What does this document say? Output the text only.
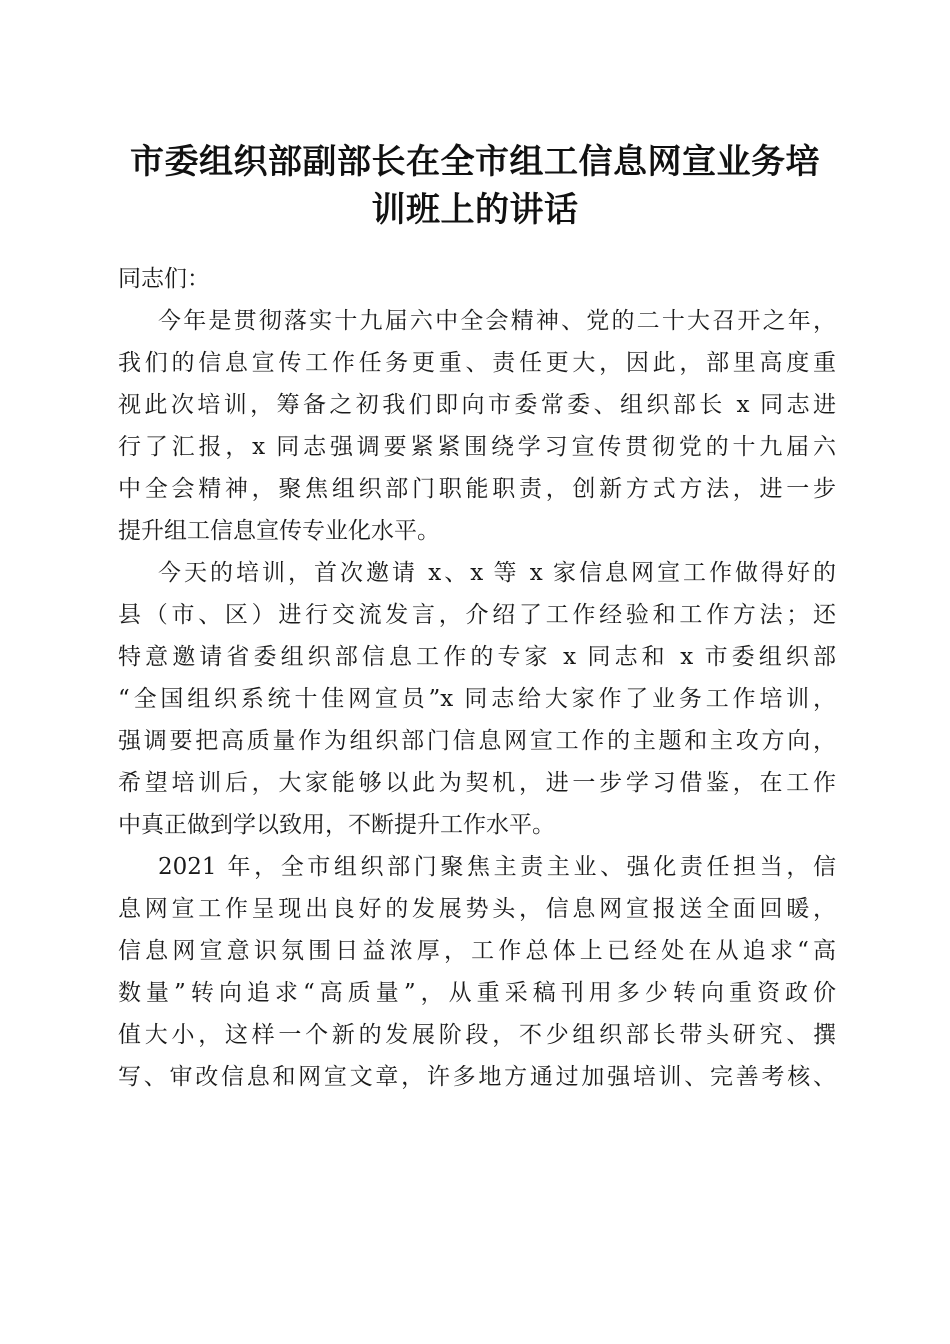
市委组织部副部长在全市组工信息网宣业务培
训班上的讲话
同志们：
今年是贯彻落实十九届六中全会精神、党的二十大召开之年，
我们的信息宣传工作任务更重、责任更大，因此，部里高度重
视此次培训，筹备之初我们即向市委常委、组织部长 x 同志进
行了汇报，x 同志强调要紧紧围绕学习宣传贯彻党的十九届六
中全会精神，聚焦组织部门职能职责，创新方式方法，进一步
提升组工信息宣传专业化水平。
今天的培训，首次邀请 x、x 等 x 家信息网宣工作做得好的
县（市、区）进行交流发言，介绍了工作经验和工作方法；还
特意邀请省委组织部信息工作的专家 x 同志和 x 市委组织部
“全国组织系统十佳网宣员”x 同志给大家作了业务工作培训，
强调要把高质量作为组织部门信息网宣工作的主题和主攻方向，
希望培训后，大家能够以此为契机，进一步学习借鉴，在工作
中真正做到学以致用，不断提升工作水平。
2021 年，全市组织部门聚焦主责主业、强化责任担当，信
息网宣工作呈现出良好的发展势头，信息网宣报送全面回暖，
信息网宣意识氛围日益浓厚，工作总体上已经处在从追求“高
数量”转向追求“高质量”，从重采稿刊用多少转向重资政价
值大小，这样一个新的发展阶段，不少组织部长带头研究、撰
写、审改信息和网宣文章，许多地方通过加强培训、完善考核、
